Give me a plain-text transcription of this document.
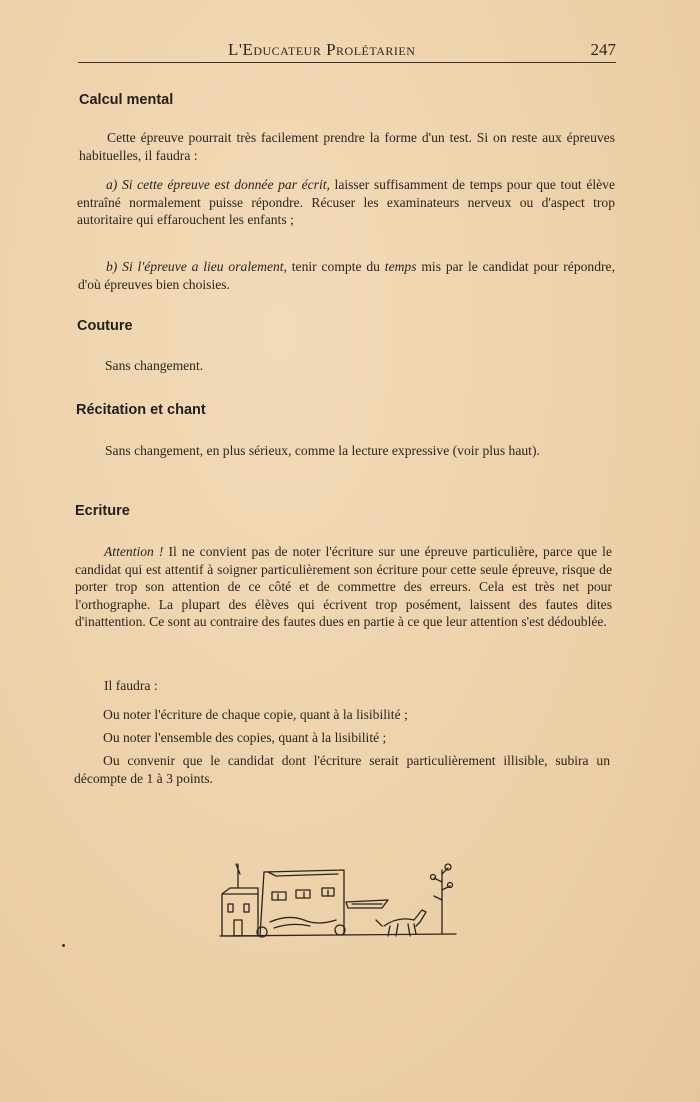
L'Educateur Prolétarien	247
Calcul mental

Cette épreuve pourrait très facilement prendre la forme d'un test. Si on reste aux épreuves habituelles, il faudra :

a) Si cette épreuve est donnée par écrit, laisser suffisamment de temps pour que tout élève entraîné normalement puisse répondre. Récuser les examinateurs nerveux ou d'aspect trop autoritaire qui effarouchent les enfants ;

b) Si l'épreuve a lieu oralement, tenir compte du temps mis par le candidat pour répondre, d'où épreuves bien choisies.

Couture

Sans changement.

Récitation et chant

Sans changement, en plus sérieux, comme la lecture expressive (voir plus haut).

Ecriture

Attention ! Il ne convient pas de noter l'écriture sur une épreuve particulière, parce que le candidat qui est attentif à soigner particulièrement son écriture pour cette seule épreuve, risque de porter trop son attention de ce côté et de commettre des erreurs. Cela est très net pour l'orthographe. La plupart des élèves qui écrivent trop posément, laissent des fautes dites d'inattention. Ce sont au contraire des fautes dues en partie à ce que leur attention s'est dédoublée.

Il faudra :

Ou noter l'écriture de chaque copie, quant à la lisibilité ;

Ou noter l'ensemble des copies, quant à la lisibilité ;

Ou convenir que le candidat dont l'écriture serait particulièrement illisible, subira un décompte de 1 à 3 points.
